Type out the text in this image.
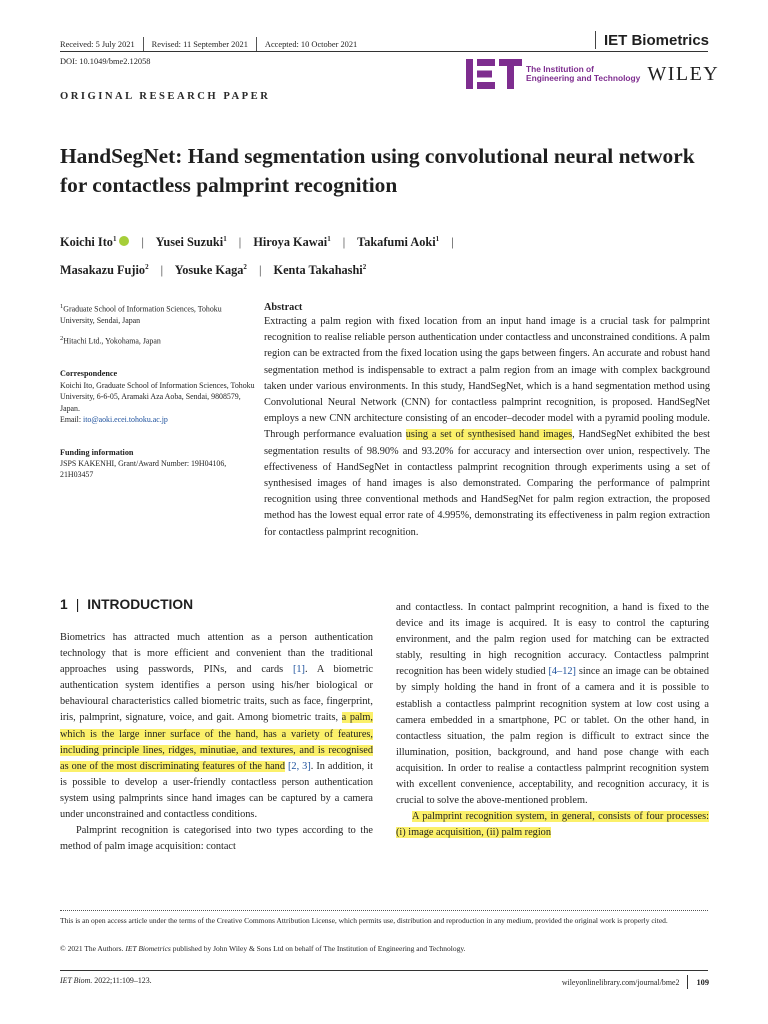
Received: 5 July 2021 Revised: 11 September 2021 Accepted: 10 October 2021	IET Biometrics
DOI: 10.1049/bme2.12058
The Institution of
Engineering and Technology WILEY
ORIGINAL RESEARCH PAPER
HandSegNet: Hand segmentation using convolutional neural network for contactless palmprint recognition
Koichi Ito$^1$ | Yusei Suzuki$^1$ | Hiroya Kawai$^1$ | Takafumi Aoki$^1$ |
Masakazu Fujio$^2$ | Yosuke Kaga$^2$ | Kenta Takahashi$^2$

$^1$Graduate School of Information Sciences, Tohoku University, Sendai, Japan

$^2$Hitachi Ltd., Yokohama, Japan

Correspondence

Koichi Ito, Graduate School of Information Sciences, Tohoku University, 6-6-05, Aramaki Aza Aoba, Sendai, 9808579, Japan.

Email: ito@aoki.ecei.tohoku.ac.jp

Funding information

JSPS KAKENHI, Grant/Award Number: 19H04106, 21H03457

Abstract

Extracting a palm region with fixed location from an input hand image is a crucial task for palmprint recognition to realise reliable person authentication under contactless and unconstrained conditions. A palm region can be extracted from the fixed location using the gaps between fingers. An accurate and robust hand segmentation method is indispensable to extract a palm region from an image with complex background taken under various environments. In this study, HandSegNet, which is a hand segmentation method using Convolutional Neural Network (CNN) for contactless palmprint recognition, is proposed. HandSegNet employs a new CNN architecture consisting of an encoder–decoder model with a pyramid pooling module. Through performance evaluation using a set of synthesised hand images, HandSegNet exhibited the best segmentation results of 98.90% and 93.20% for accuracy and intersection over union, respectively. The effectiveness of HandSegNet in contactless palmprint recognition through experiments using a set of synthesised images of hand images is also demonstrated. Comparing the performance of palmprint recognition using three conventional methods and HandSegNet for palm region extraction, the proposed method has the lowest equal error rate of 4.995%, demonstrating its effectiveness in palm region extraction for contactless palmprint recognition.

1 | INTRODUCTION

Biometrics has attracted much attention as a person authentication technology that is more efficient and convenient than the traditional approaches using passwords, PINs, and cards [1]. A biometric authentication system identifies a person using his/her biological or behavioural characteristics called biometric traits, such as face, fingerprint, iris, palmprint, signature, voice, and gait. Among biometric traits, a palm, which is the large inner surface of the hand, has a variety of features, including principle lines, ridges, minutiae, and textures, and is recognised as one of the most discriminating features of the hand [2, 3]. In addition, it is possible to develop a user-friendly contactless person authentication system using palmprints since hand images can be captured by a camera under unconstrained and contactless conditions.

Palmprint recognition is categorised into two types according to the method of palm image acquisition: contact

and contactless. In contact palmprint recognition, a hand is fixed to the device and its image is acquired. It is easy to control the capturing environment, and the palm region used for matching can be extracted stably, resulting in high recognition accuracy. Contactless palmprint recognition has been widely studied [4–12] since an image can be obtained by simply holding the hand in front of a camera and it is possible to establish a contactless palmprint recognition system at low cost using a camera embedded in a smartphone, PC or tablet. On the other hand, in contactless situation, the palm region is difficult to extract since the illumination, position, background, and hand pose change with each acquisition. In order to realise a contactless palmprint recognition system with excellent convenience, acceptability, and recognition accuracy, it is crucial to solve the above-mentioned problem.

A palmprint recognition system, in general, consists of four processes: (i) image acquisition, (ii) palm region

This is an open access article under the terms of the Creative Commons Attribution License, which permits use, distribution and reproduction in any medium, provided the original work is properly cited.

© 2021 The Authors. IET Biometrics published by John Wiley & Sons Ltd on behalf of The Institution of Engineering and Technology.

IET Biom. 2022;11:109–123.	wileyonlinelibrary.com/journal/bme2 109
